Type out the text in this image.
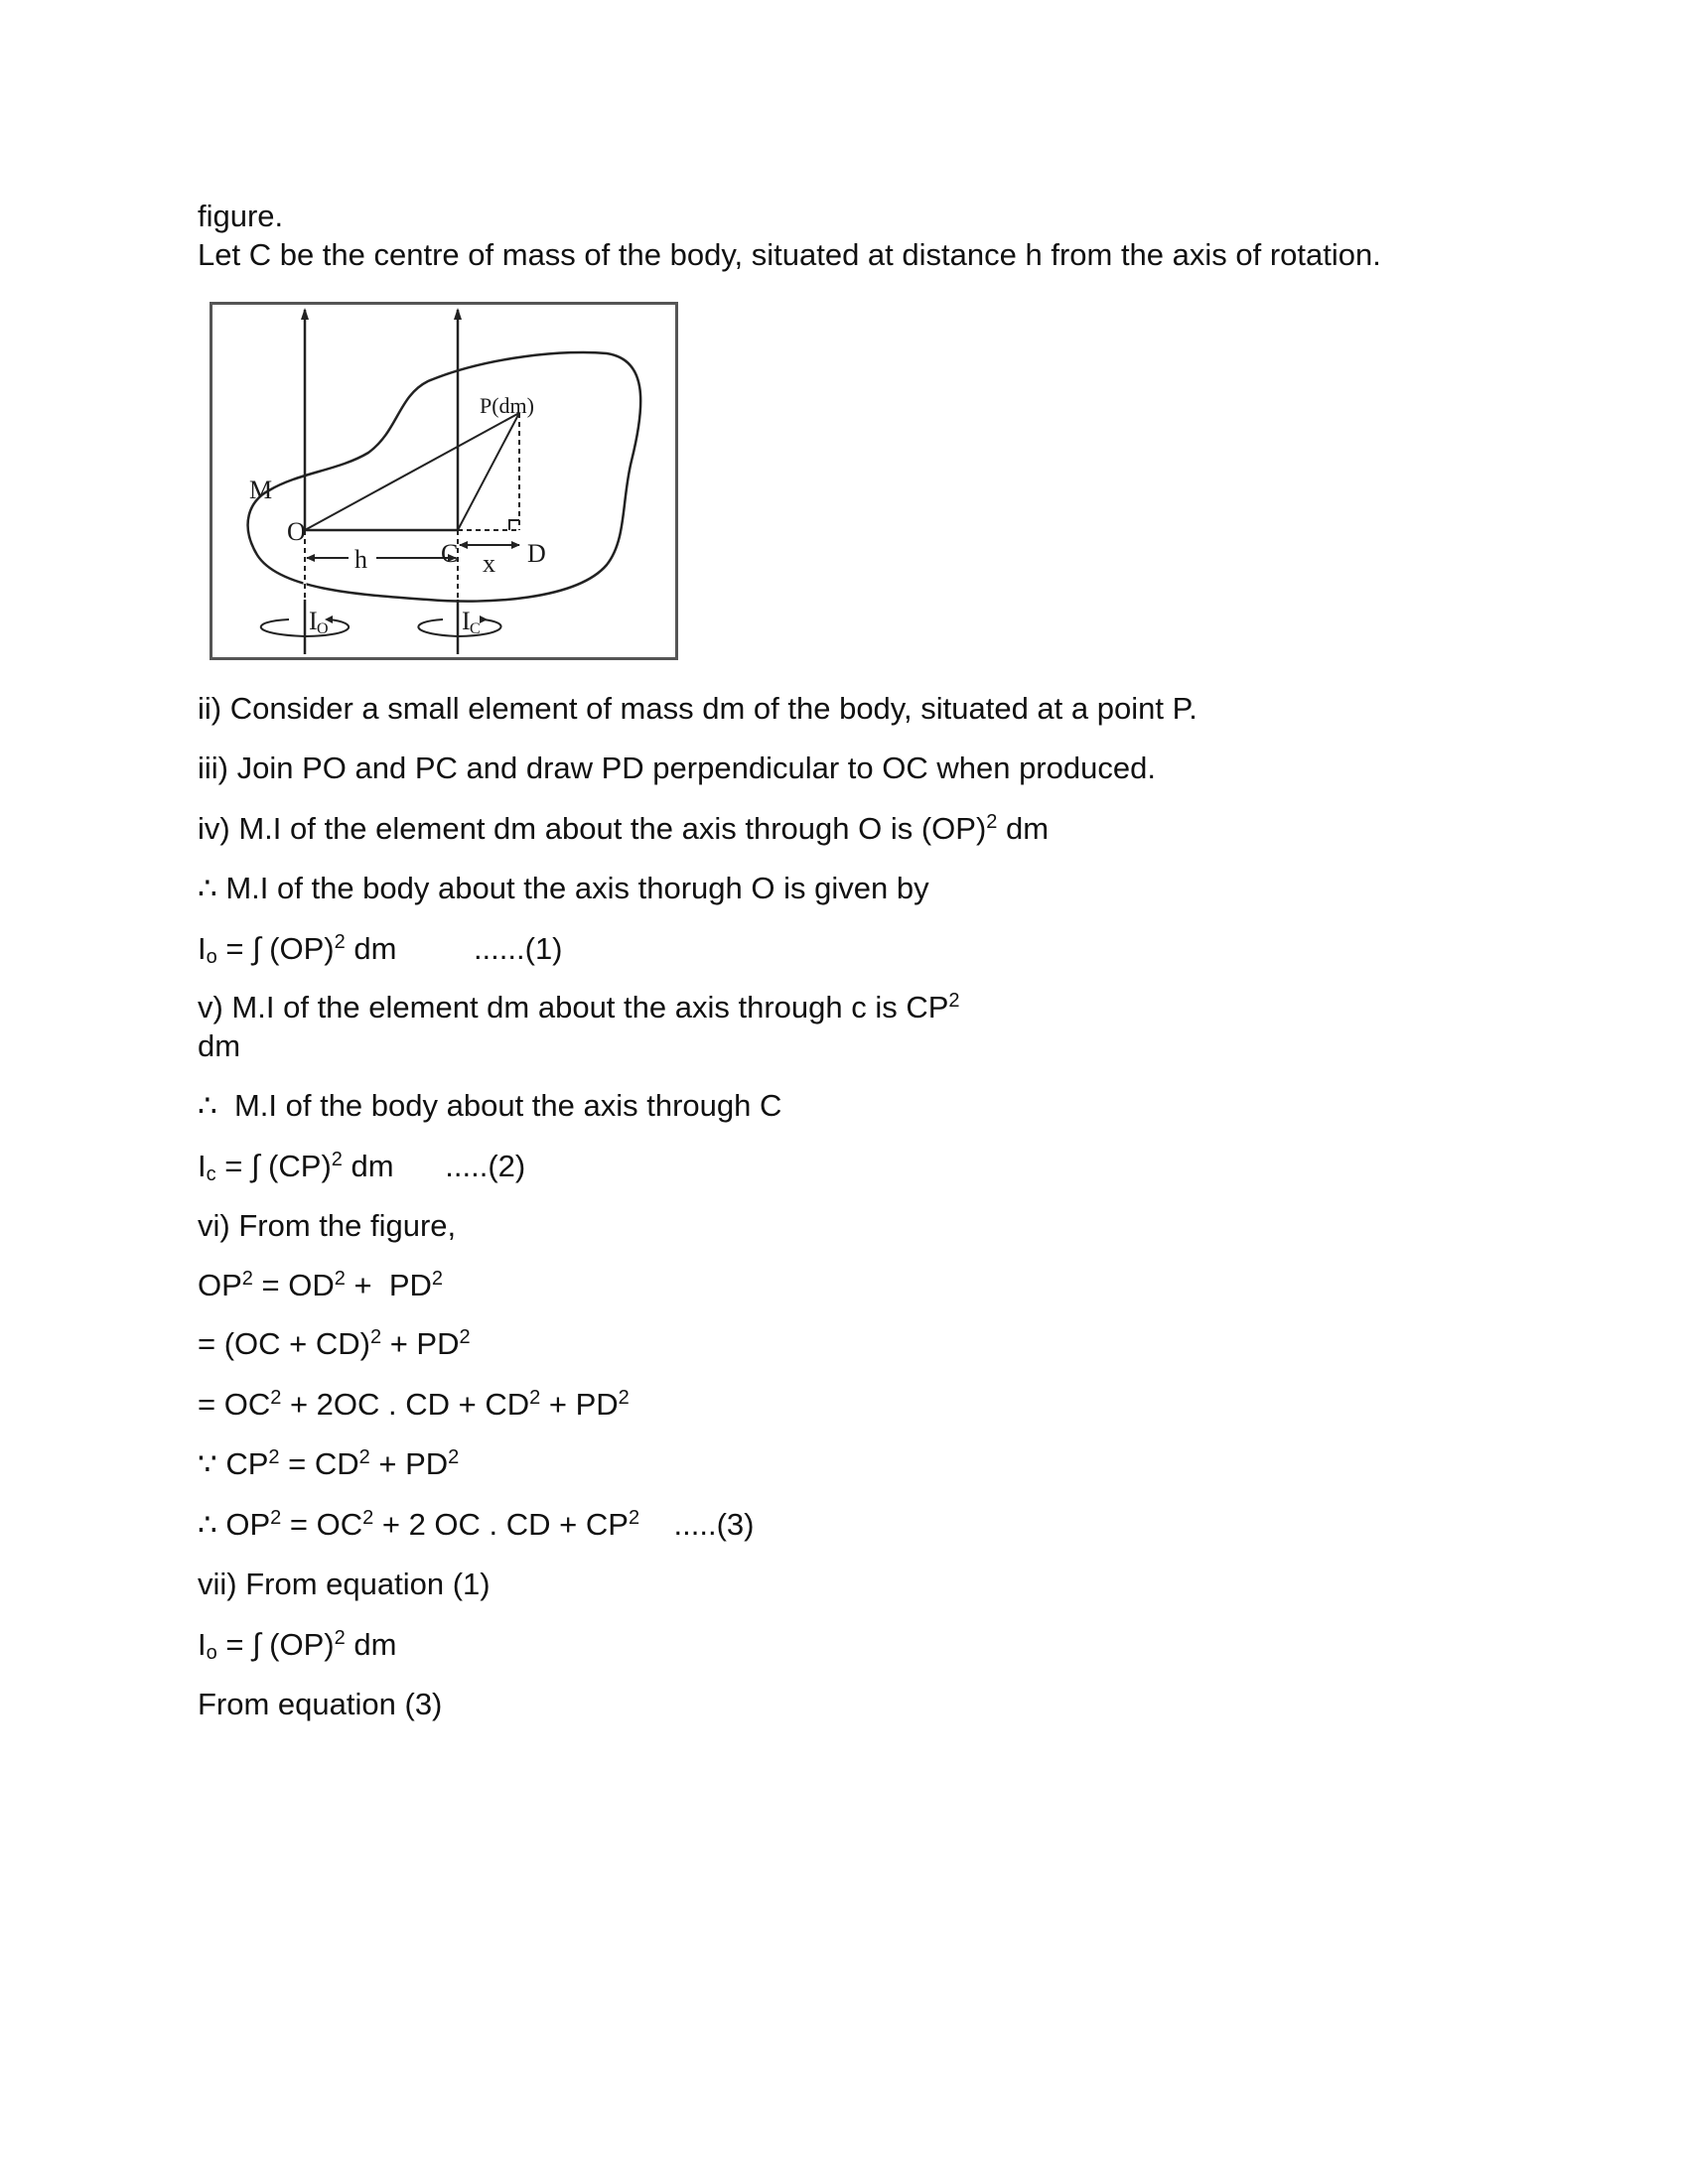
figure.
Let C be the centre of mass of the body, situated at distance h from the axis of rotation.
M
P(dm)
O
C	D
h	x
I O	I C
ii) Consider a small element of mass dm of the body, situated at a point P.
iii) Join PO and PC and draw PD perpendicular to OC when produced.
iv) M.I of the element dm about the axis through O is (OP)$^2$ dm
∴ M.I of the body about the axis thorugh O is given by
$I_o$ = ∫ (OP)$^2$ dm         ......(1)
v) M.I of the element dm about the axis through c is $CP^2$
dm
∴  M.I of the body about the axis through C
$I_c$ = ∫ (CP)$^2$ dm      .....(2)
vi) From the figure,
$OP^2 = OD^2 + PD^2$
= $(OC + CD)^2 + PD^2$
= $OC^2 + 2OC$ . CD + $CD^2 + PD^2$
∵ $CP^2 = CD^2 + PD^2$
∴ $OP^2 = OC^2 + 2$ OC . CD + $CP^2$    .....(3)
vii) From equation (1)
$I_o$ = ∫ (OP)$^2$ dm
From equation (3)
